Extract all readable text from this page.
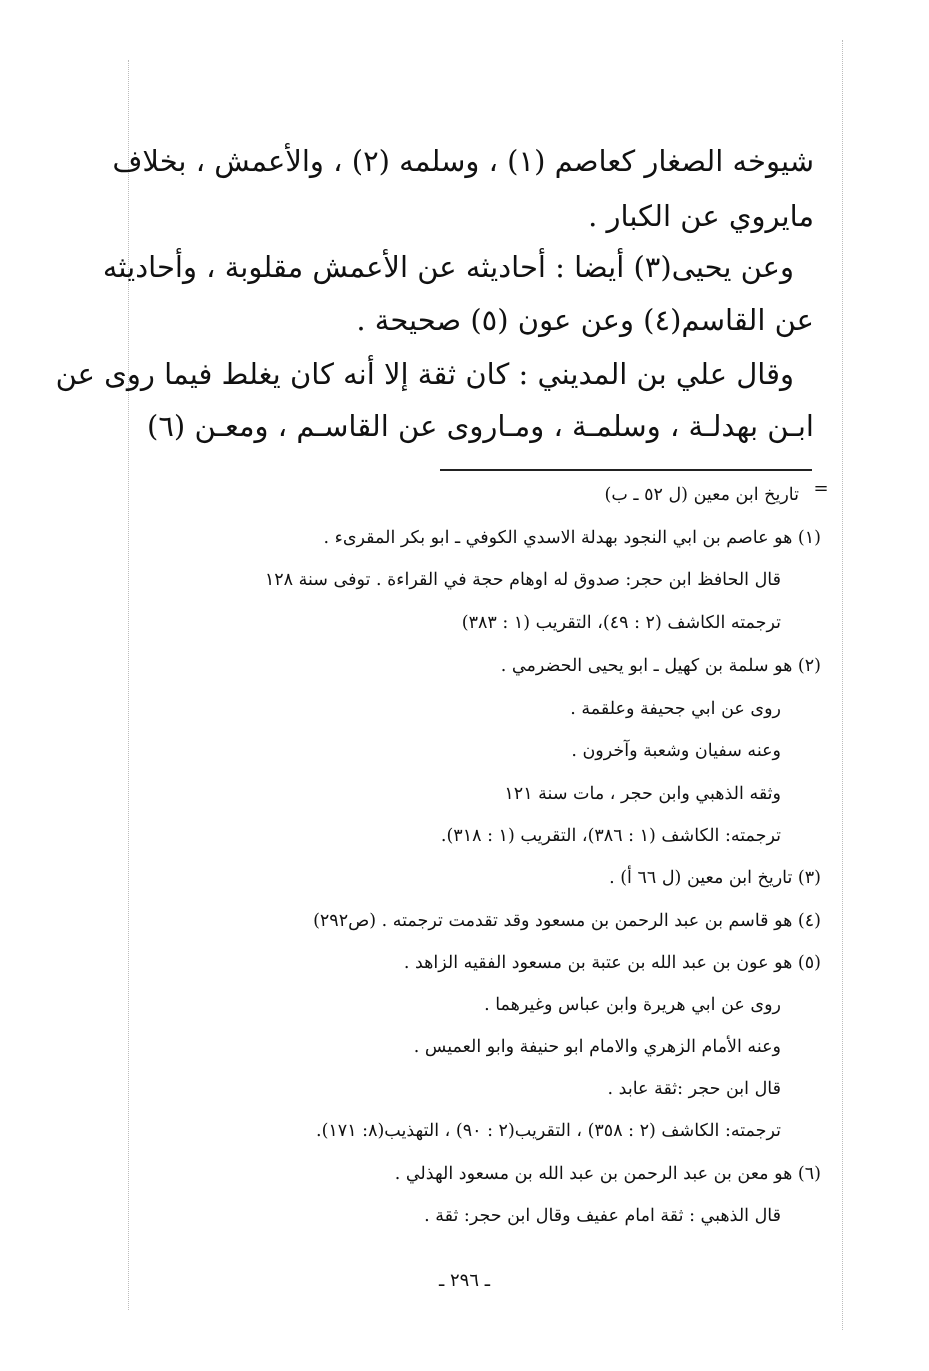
شيوخه الصغار كعاصم (١) ، وسلمه (٢) ، والأعمش ، بخلاف
مايروي عن الكبار .
وعن يحيى(٣) أيضا : أحاديثه عن الأعمش مقلوبة ، وأحاديثه
عن القاسم(٤) وعن عون (٥) صحيحة .
وقال علي بن المديني : كان ثقة إلا أنه كان يغلط فيما روى عن
ابـن بهدلـة ، وسلمـة ، ومـاروى عن القاسـم ، ومعـن (٦)
=
تاريخ ابن معين (ل ٥٢ ـ ب)
(١) هو عاصم بن ابي النجود بهدلة الاسدي الكوفي ـ ابو بكر المقرىء .
قال الحافظ ابن حجر: صدوق له اوهام حجة في القراءة . توفى سنة ١٢٨
ترجمته الكاشف (٢ : ٤٩)، التقريب (١ : ٣٨٣)
(٢) هو سلمة بن كهيل ـ ابو يحيى الحضرمي .
روى عن ابي جحيفة وعلقمة .
وعنه سفيان وشعبة وآخرون .
وثقه الذهبي وابن حجر ، مات سنة ١٢١
ترجمته: الكاشف (١ : ٣٨٦)، التقريب (١ : ٣١٨).
(٣) تاريخ ابن معين (ل ٦٦ أ) .
(٤) هو قاسم بن عبد الرحمن بن مسعود وقد تقدمت ترجمته . (ص٢٩٢)
(٥) هو عون بن عبد الله بن عتبة بن مسعود الفقيه الزاهد .
روى عن ابي هريرة وابن عباس وغيرهما .
وعنه الأمام الزهري والامام ابو حنيفة وابو العميس .
قال ابن حجر :ثقة عابد .
ترجمته: الكاشف (٢ : ٣٥٨) ، التقريب(٢ : ٩٠) ، التهذيب(٨: ١٧١).
(٦) هو معن بن عبد الرحمن بن عبد الله بن مسعود الهذلي .
قال الذهبي : ثقة امام عفيف وقال ابن حجر: ثقة .
ـ ٢٩٦ ـ
